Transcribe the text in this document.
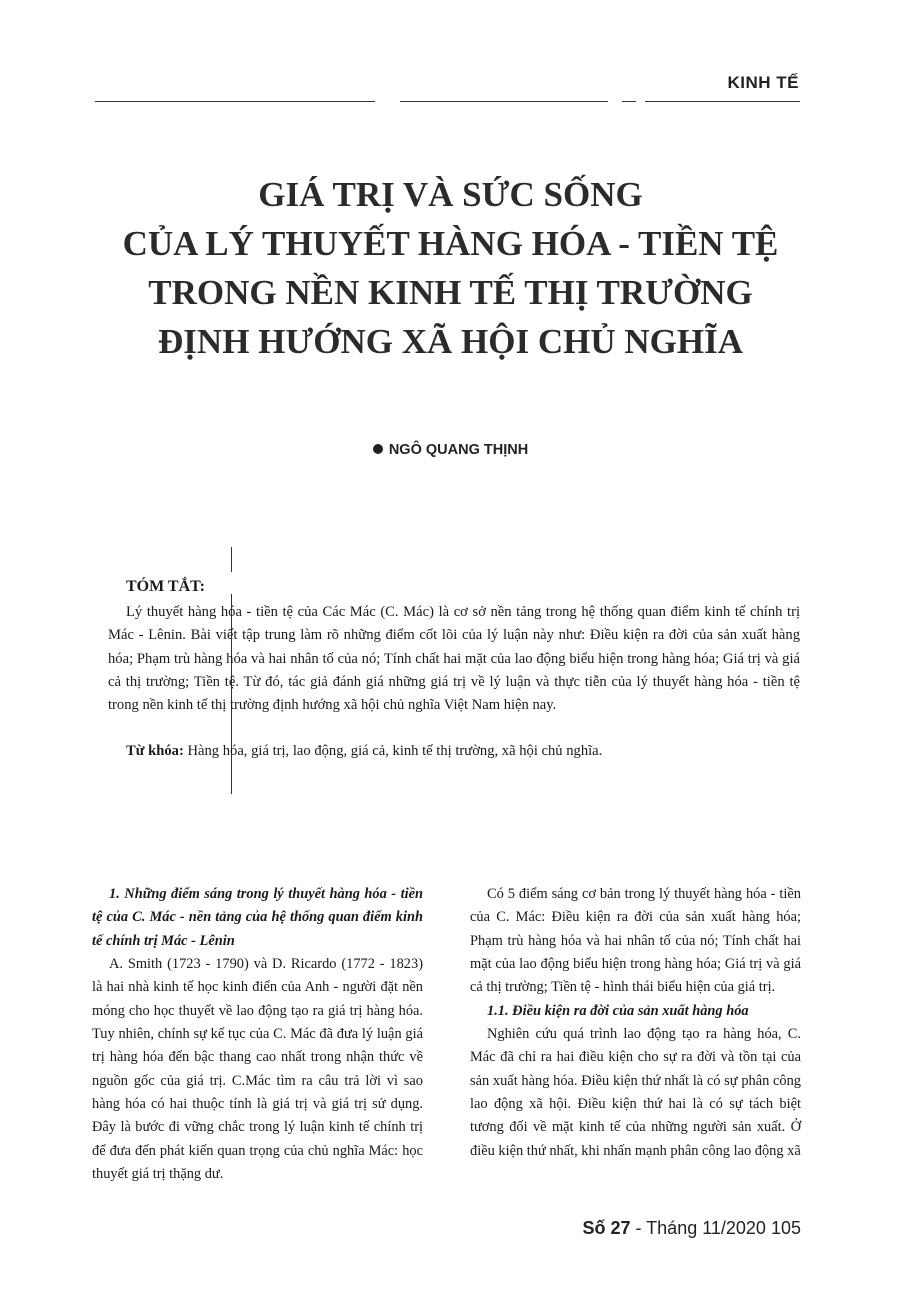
KINH TẾ
GIÁ TRỊ VÀ SỨC SỐNG
CỦA LÝ THUYẾT HÀNG HÓA - TIỀN TỆ
TRONG NỀN KINH TẾ THỊ TRƯỜNG
ĐỊNH HƯỚNG XÃ HỘI CHỦ NGHĨA
NGÔ QUANG THỊNH
TÓM TẮT:

Lý thuyết hàng hóa - tiền tệ của Các Mác (C. Mác) là cơ sở nền tảng trong hệ thống quan điểm kinh tế chính trị Mác - Lênin. Bài viết tập trung làm rõ những điểm cốt lõi của lý luận này như: Điều kiện ra đời của sản xuất hàng hóa; Phạm trù hàng hóa và hai nhân tố của nó; Tính chất hai mặt của lao động biểu hiện trong hàng hóa; Giá trị và giá cả thị trường; Tiền tệ. Từ đó, tác giả đánh giá những giá trị về lý luận và thực tiễn của lý thuyết hàng hóa - tiền tệ trong nền kinh tế thị trường định hướng xã hội chủ nghĩa Việt Nam hiện nay.

Từ khóa: Hàng hóa, giá trị, lao động, giá cả, kinh tế thị trường, xã hội chủ nghĩa.

1. Những điểm sáng trong lý thuyết hàng hóa - tiền tệ của C. Mác - nền tảng của hệ thống quan điểm kinh tế chính trị Mác - Lênin

A. Smith (1723 - 1790) và D. Ricardo (1772 - 1823) là hai nhà kinh tế học kinh điển của Anh - người đặt nền móng cho học thuyết về lao động tạo ra giá trị hàng hóa. Tuy nhiên, chính sự kế tục của C. Mác đã đưa lý luận giá trị hàng hóa đến bậc thang cao nhất trong nhận thức về nguồn gốc của giá trị. C.Mác tìm ra câu trả lời vì sao hàng hóa có hai thuộc tính là giá trị và giá trị sử dụng. Đây là bước đi vững chắc trong lý luận kinh tế chính trị để đưa đến phát kiến quan trọng của chủ nghĩa Mác: học thuyết giá trị thặng dư.

Có 5 điểm sáng cơ bản trong lý thuyết hàng hóa - tiền của C. Mác: Điều kiện ra đời của sản xuất hàng hóa; Phạm trù hàng hóa và hai nhân tố của nó; Tính chất hai mặt của lao động biểu hiện trong hàng hóa; Giá trị và giá cả thị trường; Tiền tệ - hình thái biểu hiện của giá trị.

1.1. Điều kiện ra đời của sản xuất hàng hóa

Nghiên cứu quá trình lao động tạo ra hàng hóa, C. Mác đã chỉ ra hai điều kiện cho sự ra đời và tồn tại của sản xuất hàng hóa. Điều kiện thứ nhất là có sự phân công lao động xã hội. Điều kiện thứ hai là có sự tách biệt tương đối về mặt kinh tế của những người sản xuất. Ở điều kiện thứ nhất, khi nhấn mạnh phân công lao động xã

Số 27 - Tháng 11/2020 105
